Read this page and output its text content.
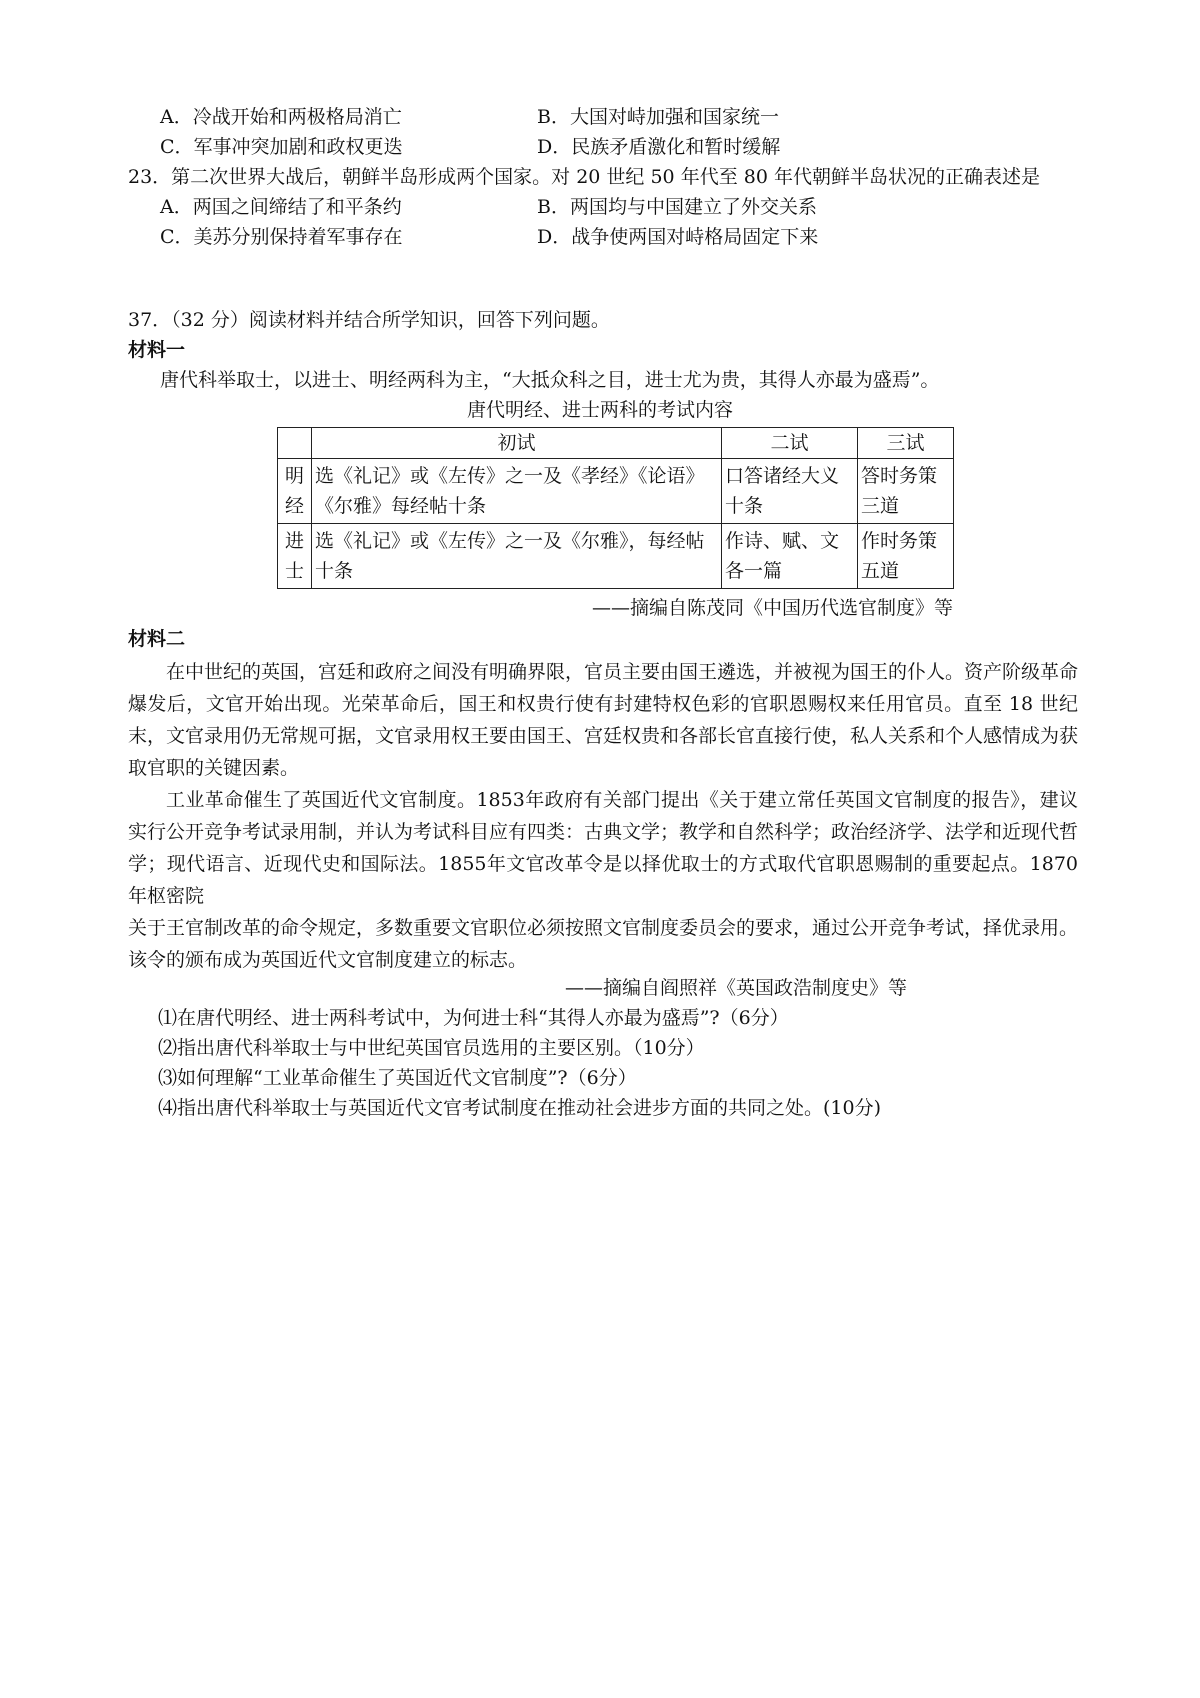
A．冷战开始和两极格局消亡	B．大国对峙加强和国家统一
C．军事冲突加剧和政权更迭	D．民族矛盾激化和暂时缓解
23．第二次世界大战后，朝鲜半岛形成两个国家。对 20 世纪 50 年代至 80 年代朝鲜半岛状况的正确表述是
A．两国之间缔结了和平条约	B．两国均与中国建立了外交关系
C．美苏分别保持着军事存在	D．战争使两国对峙格局固定下来
37．（32 分）阅读材料并结合所学知识，回答下列问题。
材料一
唐代科举取士，以进士、明经两科为主，“大抵众科之目，进士尤为贵，其得人亦最为盛焉”。
唐代明经、进士两科的考试内容
	初试	二试	三试
明经	选《礼记》或《左传》之一及《孝经》《论语》《尔雅》每经帖十条	口答诸经大义十条	答时务策三道
进士	选《礼记》或《左传》之一及《尔雅》，每经帖十条	作诗、赋、文各一篇	作时务策五道
——摘编自陈茂同《中国历代选官制度》等
材料二
在中世纪的英国，宫廷和政府之间没有明确界限，官员主要由国王遴选，并被视为国王的仆人。资产阶级革命爆发后，文官开始出现。光荣革命后，国王和权贵行使有封建特权色彩的官职恩赐权来任用官员。直至 18 世纪末，文官录用仍无常规可据，文官录用权王要由国王、宫廷权贵和各部长官直接行使，私人关系和个人感情成为获取官职的关键因素。
工业革命催生了英国近代文官制度。1853年政府有关部门提出《关于建立常任英国文官制度的报告》，建议实行公开竞争考试录用制，并认为考试科目应有四类：古典文学；教学和自然科学；政治经济学、法学和近现代哲学；现代语言、近现代史和国际法。1855年文官改革令是以择优取士的方式取代官职恩赐制的重要起点。1870年枢密院
关于王官制改革的命令规定，多数重要文官职位必须按照文官制度委员会的要求，通过公开竞争考试，择优录用。该令的颁布成为英国近代文官制度建立的标志。
——摘编自阎照祥《英国政浩制度史》等
⑴在唐代明经、进士两科考试中，为何进士科“其得人亦最为盛焉”?（6分）
⑵指出唐代科举取士与中世纪英国官员选用的主要区别。（10分）
⑶如何理解“工业革命催生了英国近代文官制度”?（6分）
⑷指出唐代科举取士与英国近代文官考试制度在推动社会进步方面的共同之处。(10分)
